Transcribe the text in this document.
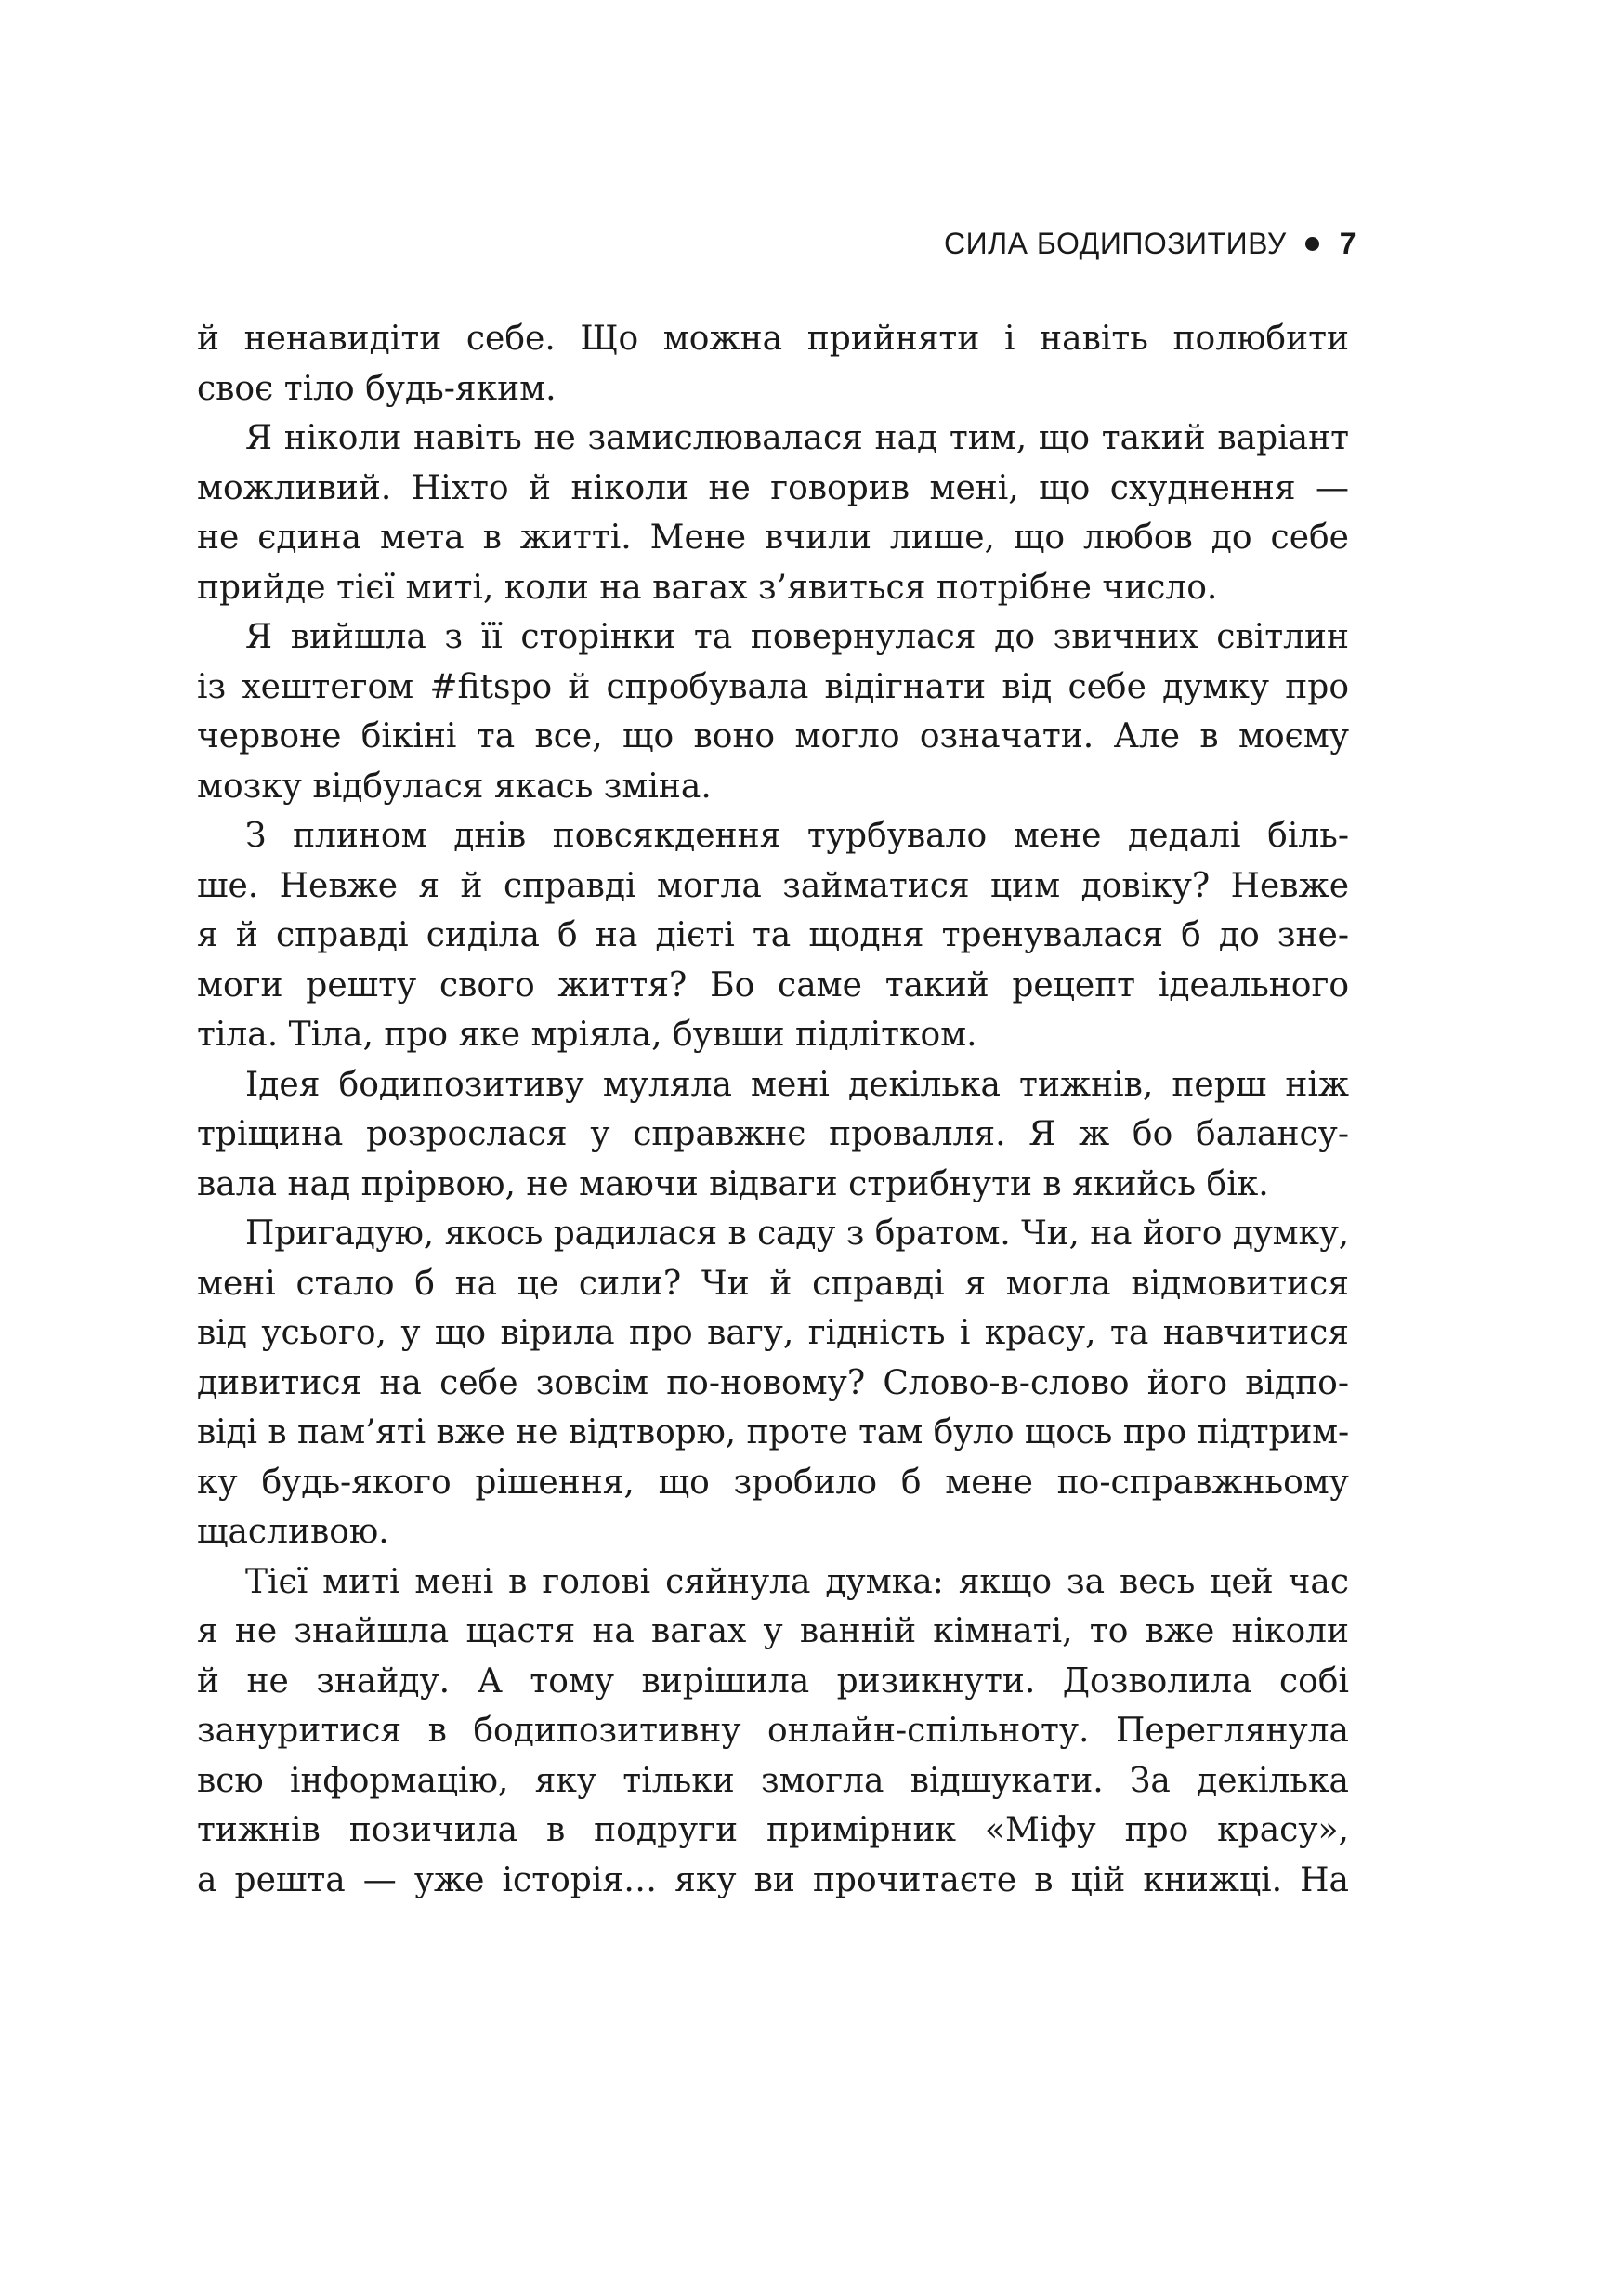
СИЛА БОДИПОЗИТИВУ 7
й ненавидіти себе. Що можна прийняти і навіть полюбити
своє тіло будь-яким.
Я ніколи навіть не замислювалася над тим, що такий варіант
можливий. Ніхто й ніколи не говорив мені, що схуднення —
не єдина мета в житті. Мене вчили лише, що любов до себе
прийде тієї миті, коли на вагах з’явиться потрібне число.
Я вийшла з її сторінки та повернулася до звичних світлин
із хештегом #fitspo й спробувала відігнати від себе думку про
червоне бікіні та все, що воно могло означати. Але в моєму
мозку відбулася якась зміна.
З плином днів повсякдення турбувало мене дедалі біль-
ше. Невже я й справді могла займатися цим довіку? Невже
я й справді сиділа б на дієті та щодня тренувалася б до зне-
моги решту свого життя? Бо саме такий рецепт ідеального
тіла. Тіла, про яке мріяла, бувши підлітком.
Ідея бодипозитиву муляла мені декілька тижнів, перш ніж
тріщина розрослася у справжнє провалля. Я ж бо балансу-
вала над прірвою, не маючи відваги стрибнути в якийсь бік.
Пригадую, якось радилася в саду з братом. Чи, на його думку,
мені стало б на це сили? Чи й справді я могла відмовитися
від усього, у що вірила про вагу, гідність і красу, та навчитися
дивитися на себе зовсім по-новому? Слово-в-слово його відпо-
віді в пам’яті вже не відтворю, проте там було щось про підтрим-
ку будь-якого рішення, що зробило б мене по-справжньому
щасливою.
Тієї миті мені в голові сяйнула думка: якщо за весь цей час
я не знайшла щастя на вагах у ванній кімнаті, то вже ніколи
й не знайду. А тому вирішила ризикнути. Дозволила собі
зануритися в бодипозитивну онлайн-спільноту. Переглянула
всю інформацію, яку тільки змогла відшукати. За декілька
тижнів позичила в подруги примірник «Міфу про красу»,
а решта — уже історія… яку ви прочитаєте в цій книжці. На
